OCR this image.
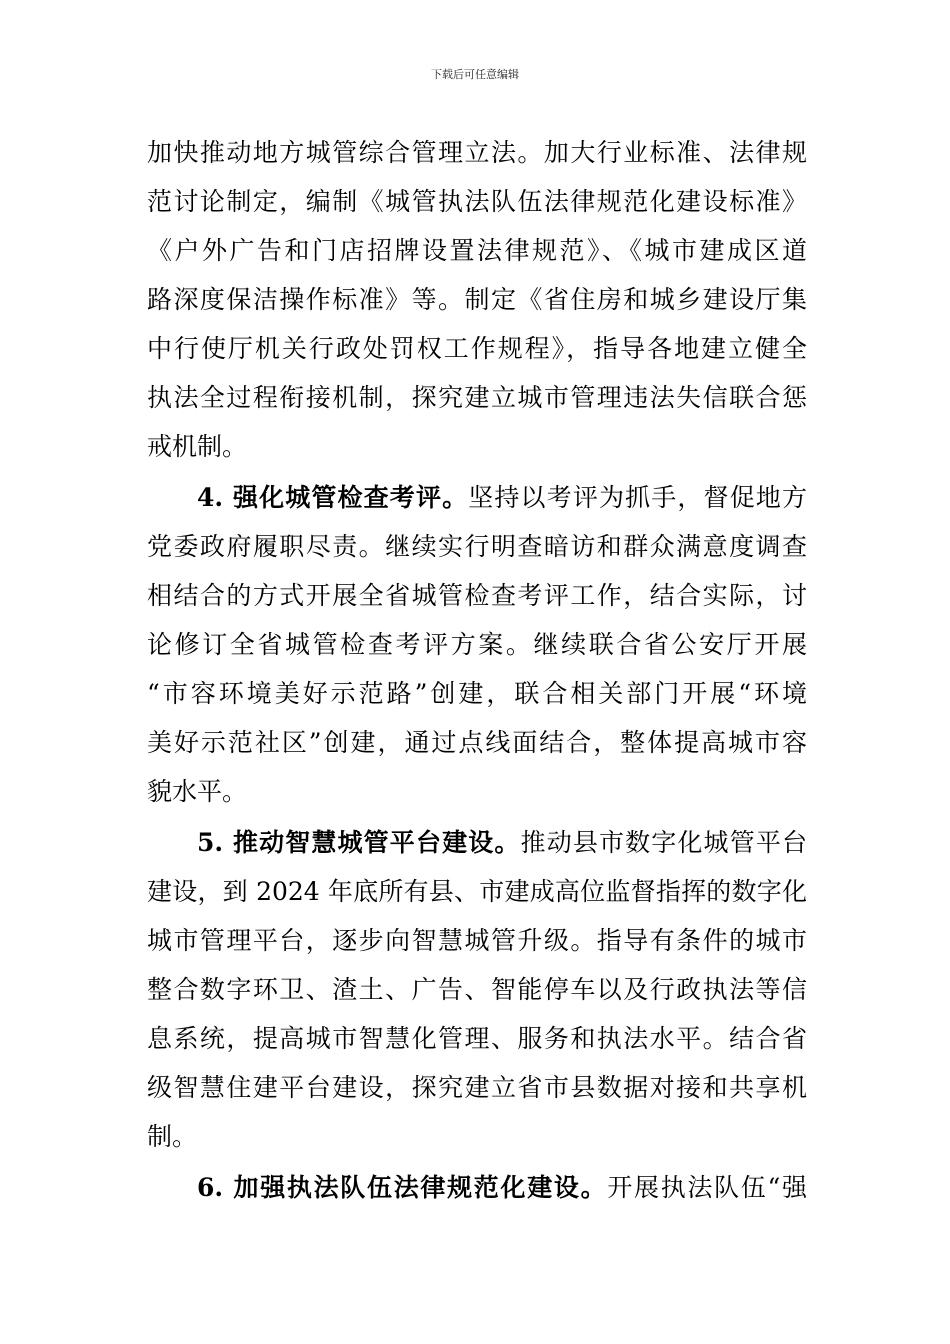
下载后可任意编辑
加快推动地方城管综合管理立法。加大行业标准、法律规
范讨论制定，编制《城管执法队伍法律规范化建设标准》
《户外广告和门店招牌设置法律规范》、《城市建成区道
路深度保洁操作标准》等。制定《省住房和城乡建设厅集
中行使厅机关行政处罚权工作规程》，指导各地建立健全
执法全过程衔接机制，探究建立城市管理违法失信联合惩
戒机制。
4. 强化城管检查考评。坚持以考评为抓手，督促地方
党委政府履职尽责。继续实行明查暗访和群众满意度调查
相结合的方式开展全省城管检查考评工作，结合实际，讨
论修订全省城管检查考评方案。继续联合省公安厅开展
“市容环境美好示范路”创建，联合相关部门开展“环境
美好示范社区”创建，通过点线面结合，整体提高城市容
貌水平。
5. 推动智慧城管平台建设。推动县市数字化城管平台
建设，到 2024 年底所有县、市建成高位监督指挥的数字化
城市管理平台，逐步向智慧城管升级。指导有条件的城市
整合数字环卫、渣土、广告、智能停车以及行政执法等信
息系统，提高城市智慧化管理、服务和执法水平。结合省
级智慧住建平台建设，探究建立省市县数据对接和共享机
制。
6. 加强执法队伍法律规范化建设。开展执法队伍“强
